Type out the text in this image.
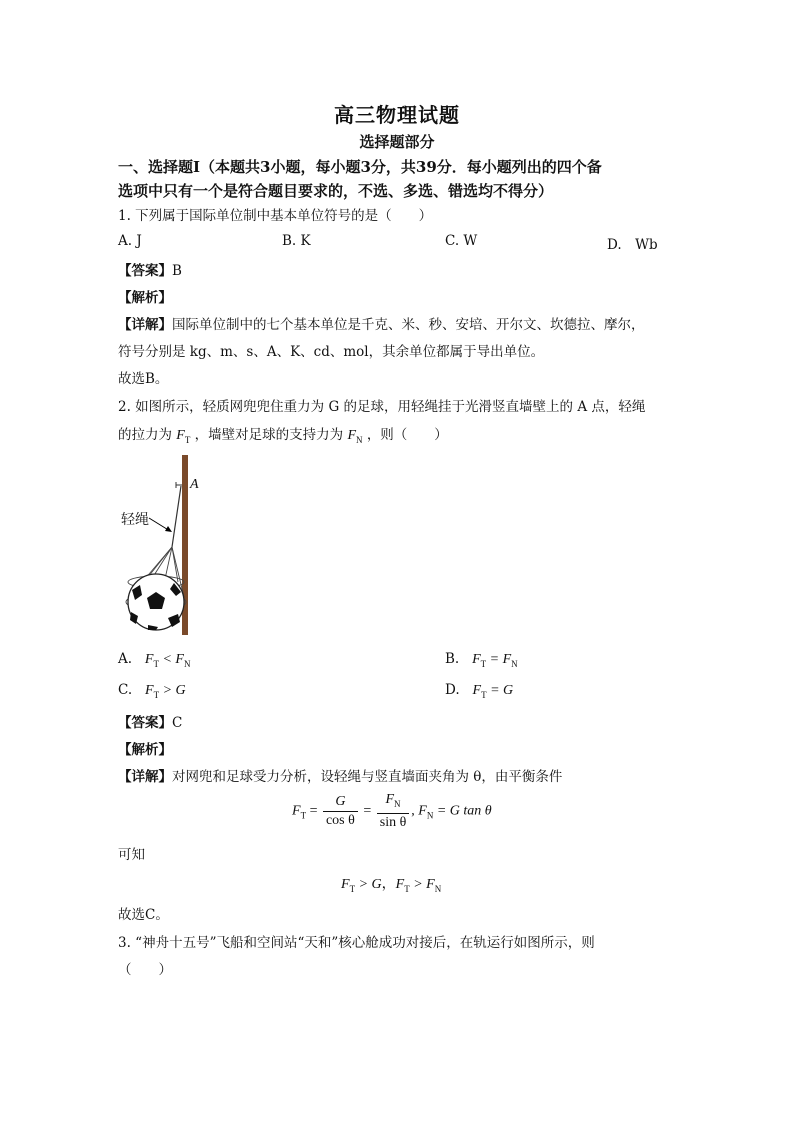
高三物理试题
选择题部分
一、选择题Ⅰ（本题共3小题，每小题3分，共39分．每小题列出的四个备
选项中只有一个是符合题目要求的，不选、多选、错选均不得分）
1. 下列属于国际单位制中基本单位符号的是（　　）
A. J	B. K	C. W	D.　Wb
【答案】B
【解析】
【详解】国际单位制中的七个基本单位是千克、米、秒、安培、开尔文、坎德拉、摩尔，
符号分别是 kg、m、s、A、K、cd、mol，其余单位都属于导出单位。
故选B。
2. 如图所示，轻质网兜兜住重力为 G 的足球，用轻绳挂于光滑竖直墙壁上的 A 点，轻绳
的拉力为 $F_T$ ，墙壁对足球的支持力为 $F_N$ ，则（　　）
A
轻绳
A. $F_T < F_N$	B. $F_T = F_N$
C. $F_T > G$	D. $F_T = G$
【答案】C
【解析】
【详解】对网兜和足球受力分析，设轻绳与竖直墙面夹角为 θ，由平衡条件
$F_T = \frac{G}{\text{cos θ}} = \frac{F_N}{\text{sin θ}}$ , $F_N = G$ tan θ
可知
$F_T > G$，$F_T > F_N$
故选C。
3. “神舟十五号”飞船和空间站“天和”核心舱成功对接后，在轨运行如图所示，则
（　　）
